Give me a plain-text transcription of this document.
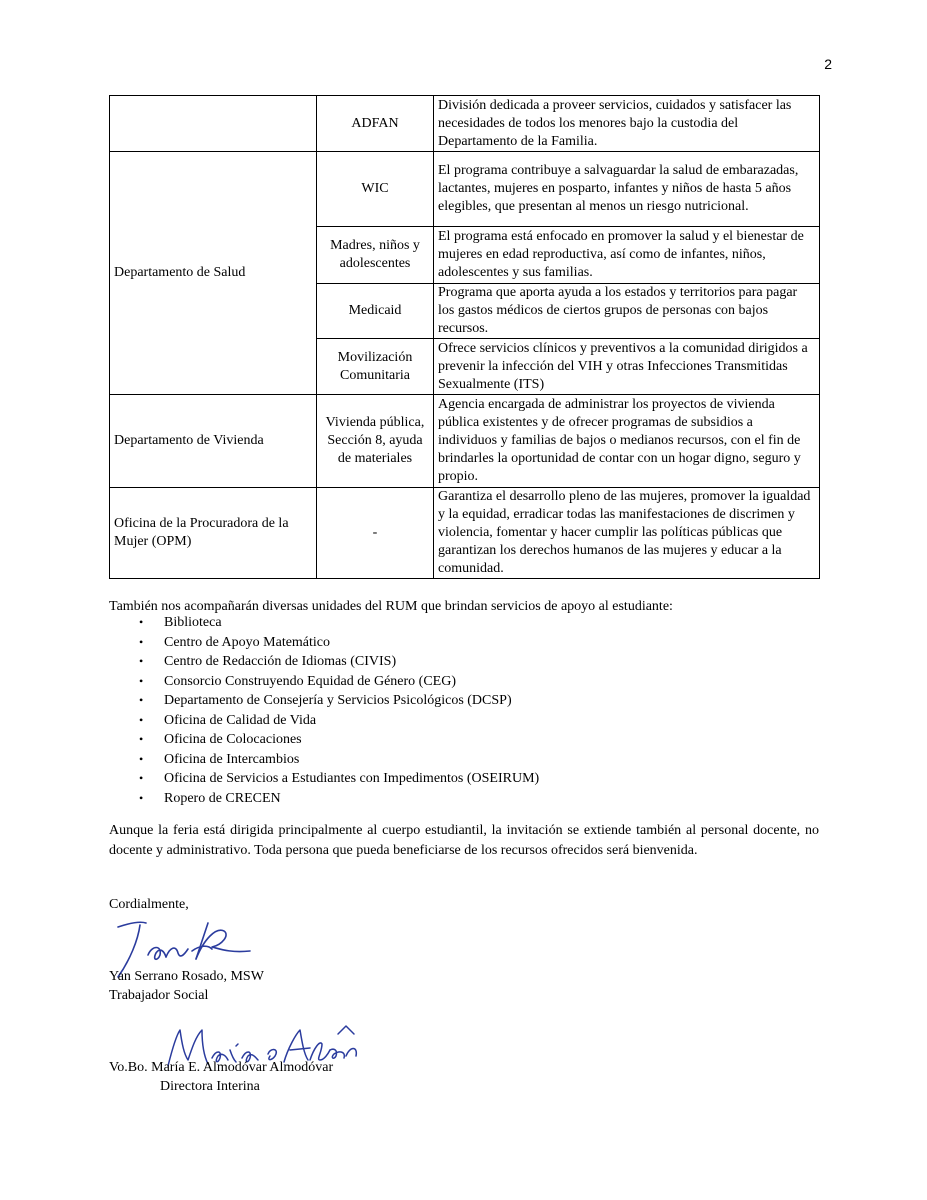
2
	ADFAN	División dedicada a proveer servicios, cuidados y satisfacer las necesidades de todos los menores bajo la custodia del Departamento de la Familia.
Departamento de Salud	WIC	El programa contribuye a salvaguardar la salud de embarazadas, lactantes, mujeres en posparto, infantes y niños de hasta 5 años elegibles, que presentan al menos un riesgo nutricional.
	Madres, niños y adolescentes	El programa está enfocado en promover la salud y el bienestar de mujeres en edad reproductiva, así como de infantes, niños, adolescentes y sus familias.
	Medicaid	Programa que aporta ayuda a los estados y territorios para pagar los gastos médicos de ciertos grupos de personas con bajos recursos.
	Movilización Comunitaria	Ofrece servicios clínicos y preventivos a la comunidad dirigidos a prevenir la infección del VIH y otras Infecciones Transmitidas Sexualmente (ITS)
Departamento de Vivienda	Vivienda pública, Sección 8, ayuda de materiales	Agencia encargada de administrar los proyectos de vivienda pública existentes y de ofrecer programas de subsidios a individuos y familias de bajos o medianos recursos, con el fin de brindarles la oportunidad de contar con un hogar digno, seguro y propio.
Oficina de la Procuradora de la Mujer (OPM)	-	Garantiza el desarrollo pleno de las mujeres, promover la igualdad y la equidad, erradicar todas las manifestaciones de discrimen y violencia, fomentar y hacer cumplir las políticas públicas que garantizan los derechos humanos de las mujeres y educar a la comunidad.
También nos acompañarán diversas unidades del RUM que brindan servicios de apoyo al estudiante:
• Biblioteca
• Centro de Apoyo Matemático
• Centro de Redacción de Idiomas (CIVIS)
• Consorcio Construyendo Equidad de Género (CEG)
• Departamento de Consejería y Servicios Psicológicos (DCSP)
• Oficina de Calidad de Vida
• Oficina de Colocaciones
• Oficina de Intercambios
• Oficina de Servicios a Estudiantes con Impedimentos (OSEIRUM)
• Ropero de CRECEN
Aunque la feria está dirigida principalmente al cuerpo estudiantil, la invitación se extiende también al personal docente, no docente y administrativo. Toda persona que pueda beneficiarse de los recursos ofrecidos será bienvenida.
Cordialmente,
Yan Serrano Rosado, MSW
Trabajador Social
Vo.Bo. María E. Almodóvar Almodóvar
Directora Interina
